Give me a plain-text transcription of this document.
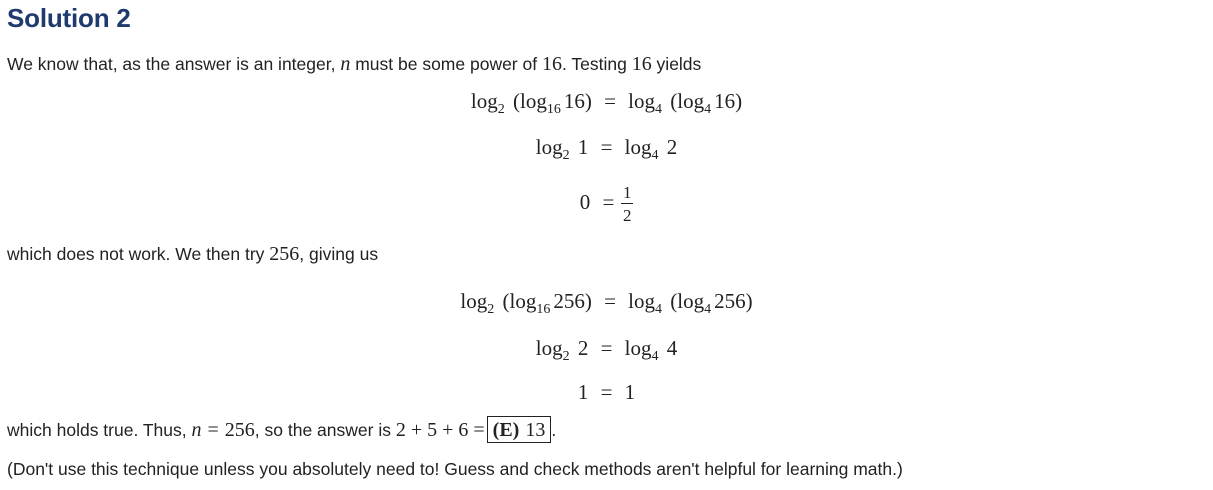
Solution 2
We know that, as the answer is an integer, n must be some power of 16. Testing 16 yields
$\log_2 (\log_{16}$ $16) = \log_4 (\log_4$ 16)
$\log_2 1 = \log_4 2$
$0 = \frac{1}{2}$
which does not work. We then try 256, giving us
$\log_2 (\log_{16}$ $256) = \log_4 (\log_4$ 256)
$\log_2 2 = \log_4 4$
1 = 1
which holds true. Thus, n = 256, so the answer is 2 + 5 + 6 = (E) 13 .
(Don't use this technique unless you absolutely need to! Guess and check methods aren't helpful for learning math.)
